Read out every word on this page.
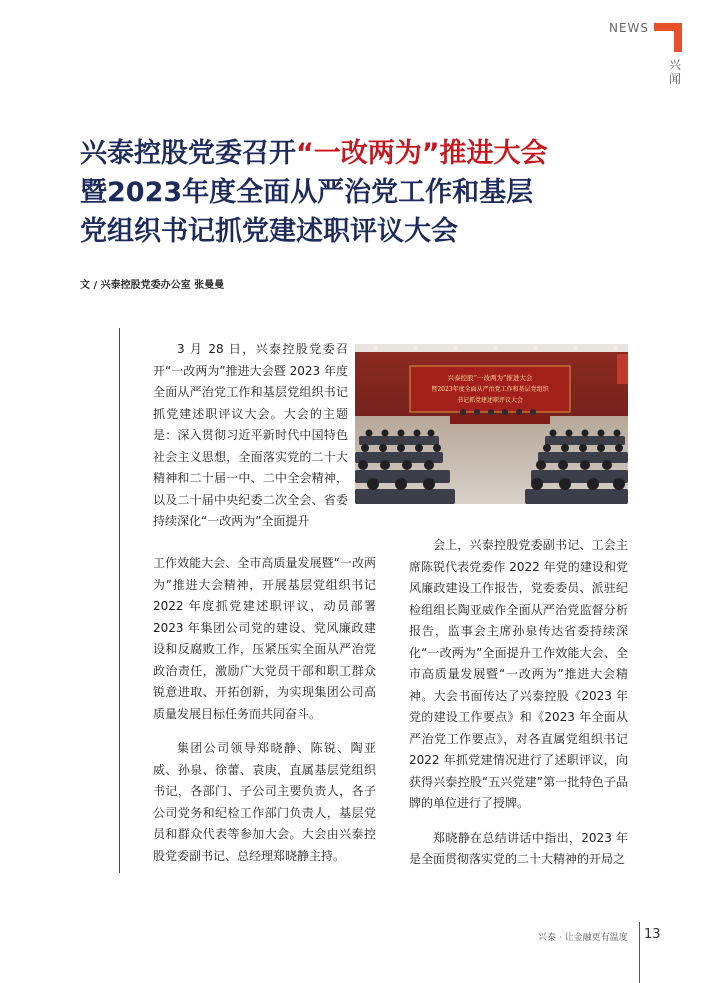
NEWS
兴闻
兴泰控股党委召开“一改两为”推进大会
暨2023年度全面从严治党工作和基层
党组织书记抓党建述职评议大会
文 / 兴泰控股党委办公室 张曼曼
兴泰控股“一改两为”推进大会
暨2023年度全面从严治党工作和基层党组织
书记抓党建述职评议大会

3 月 28 日，兴泰控股党委召开“一改两为”推进大会暨 2023 年度全面从严治党工作和基层党组织书记抓党建述职评议大会。大会的主题是：深入贯彻习近平新时代中国特色社会主义思想，全面落实党的二十大精神和二十届一中、二中全会精神，以及二十届中央纪委二次全会、省委持续深化“一改两为”全面提升

工作效能大会、全市高质量发展暨“一改两为”推进大会精神，开展基层党组织书记 2022 年度抓党建述职评议，动员部署 2023 年集团公司党的建设、党风廉政建设和反腐败工作，压紧压实全面从严治党政治责任，激励广大党员干部和职工群众锐意进取、开拓创新，为实现集团公司高质量发展目标任务而共同奋斗。

集团公司领导郑晓静、陈锐、陶亚威、孙泉、徐蕾、袁庚，直属基层党组织书记，各部门、子公司主要负责人，各子公司党务和纪检工作部门负责人，基层党员和群众代表等参加大会。大会由兴泰控股党委副书记、总经理郑晓静主持。

会上，兴泰控股党委副书记、工会主席陈锐代表党委作 2022 年党的建设和党风廉政建设工作报告，党委委员、派驻纪检组组长陶亚威作全面从严治党监督分析报告，监事会主席孙泉传达省委持续深化“一改两为”全面提升工作效能大会、全市高质量发展暨“一改两为”推进大会精神。大会书面传达了兴泰控股《2023 年党的建设工作要点》和《2023 年全面从严治党工作要点》，对各直属党组织书记 2022 年抓党建情况进行了述职评议，向获得兴泰控股“五兴党建”第一批特色子品牌的单位进行了授牌。

郑晓静在总结讲话中指出，2023 年是全面贯彻落实党的二十大精神的开局之

兴泰 · 让金融更有温度 13
